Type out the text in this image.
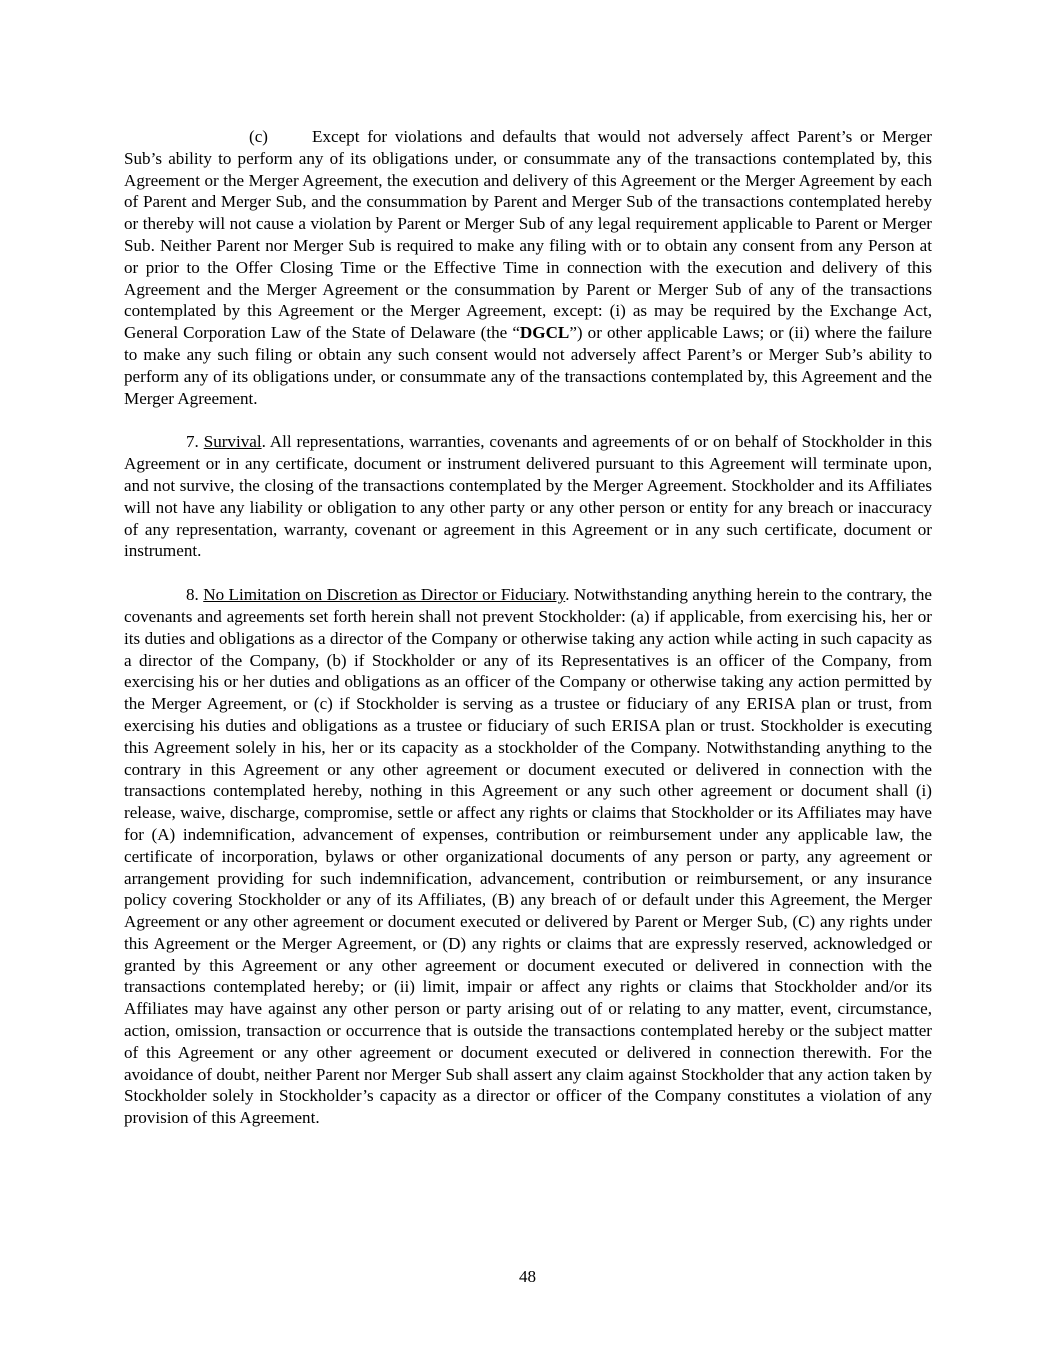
(c)	Except for violations and defaults that would not adversely affect Parent’s or Merger Sub’s ability to perform any of its obligations under, or consummate any of the transactions contemplated by, this Agreement or the Merger Agreement, the execution and delivery of this Agreement or the Merger Agreement by each of Parent and Merger Sub, and the consummation by Parent and Merger Sub of the transactions contemplated hereby or thereby will not cause a violation by Parent or Merger Sub of any legal requirement applicable to Parent or Merger Sub. Neither Parent nor Merger Sub is required to make any filing with or to obtain any consent from any Person at or prior to the Offer Closing Time or the Effective Time in connection with the execution and delivery of this Agreement and the Merger Agreement or the consummation by Parent or Merger Sub of any of the transactions contemplated by this Agreement or the Merger Agreement, except: (i) as may be required by the Exchange Act, General Corporation Law of the State of Delaware (the “DGCL”) or other applicable Laws; or (ii) where the failure to make any such filing or obtain any such consent would not adversely affect Parent’s or Merger Sub’s ability to perform any of its obligations under, or consummate any of the transactions contemplated by, this Agreement and the Merger Agreement.

7. Survival. All representations, warranties, covenants and agreements of or on behalf of Stockholder in this Agreement or in any certificate, document or instrument delivered pursuant to this Agreement will terminate upon, and not survive, the closing of the transactions contemplated by the Merger Agreement. Stockholder and its Affiliates will not have any liability or obligation to any other party or any other person or entity for any breach or inaccuracy of any representation, warranty, covenant or agreement in this Agreement or in any such certificate, document or instrument.

8. No Limitation on Discretion as Director or Fiduciary. Notwithstanding anything herein to the contrary, the covenants and agreements set forth herein shall not prevent Stockholder: (a) if applicable, from exercising his, her or its duties and obligations as a director of the Company or otherwise taking any action while acting in such capacity as a director of the Company, (b) if Stockholder or any of its Representatives is an officer of the Company, from exercising his or her duties and obligations as an officer of the Company or otherwise taking any action permitted by the Merger Agreement, or (c) if Stockholder is serving as a trustee or fiduciary of any ERISA plan or trust, from exercising his duties and obligations as a trustee or fiduciary of such ERISA plan or trust. Stockholder is executing this Agreement solely in his, her or its capacity as a stockholder of the Company. Notwithstanding anything to the contrary in this Agreement or any other agreement or document executed or delivered in connection with the transactions contemplated hereby, nothing in this Agreement or any such other agreement or document shall (i) release, waive, discharge, compromise, settle or affect any rights or claims that Stockholder or its Affiliates may have for (A) indemnification, advancement of expenses, contribution or reimbursement under any applicable law, the certificate of incorporation, bylaws or other organizational documents of any person or party, any agreement or arrangement providing for such indemnification, advancement, contribution or reimbursement, or any insurance policy covering Stockholder or any of its Affiliates, (B) any breach of or default under this Agreement, the Merger Agreement or any other agreement or document executed or delivered by Parent or Merger Sub, (C) any rights under this Agreement or the Merger Agreement, or (D) any rights or claims that are expressly reserved, acknowledged or granted by this Agreement or any other agreement or document executed or delivered in connection with the transactions contemplated hereby; or (ii) limit, impair or affect any rights or claims that Stockholder and/or its Affiliates may have against any other person or party arising out of or relating to any matter, event, circumstance, action, omission, transaction or occurrence that is outside the transactions contemplated hereby or the subject matter of this Agreement or any other agreement or document executed or delivered in connection therewith. For the avoidance of doubt, neither Parent nor Merger Sub shall assert any claim against Stockholder that any action taken by Stockholder solely in Stockholder’s capacity as a director or officer of the Company constitutes a violation of any provision of this Agreement.

48
